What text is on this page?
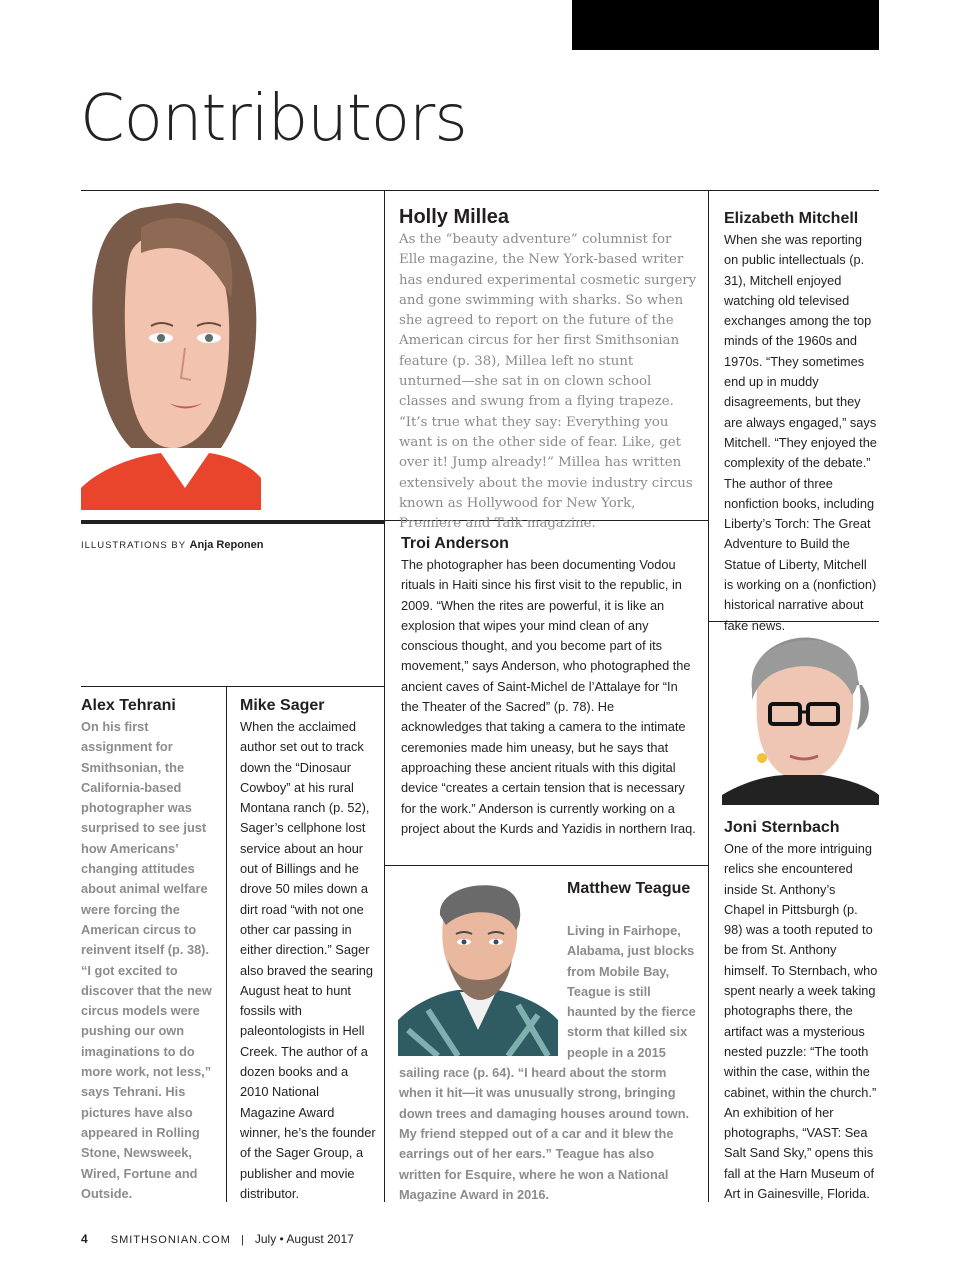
Contributors
ILLUSTRATIONS BY Anja Reponen
Holly Millea
As the “beauty adventure” columnist for Elle magazine, the New York-based writer has endured experimental cosmetic surgery and gone swimming with sharks. So when she agreed to report on the future of the American circus for her first Smithsonian feature (p. 38), Millea left no stunt unturned—she sat in on clown school classes and swung from a flying trapeze. “It’s true what they say: Everything you want is on the other side of fear. Like, get over it! Jump already!” Millea has written extensively about the movie industry circus known as Hollywood for New York, Premiere and Talk magazine.
Elizabeth Mitchell
When she was reporting on public intellectuals (p. 31), Mitchell enjoyed watching old televised exchanges among the top minds of the 1960s and 1970s. “They sometimes end up in muddy disagreements, but they are always engaged,” says Mitchell. “They enjoyed the complexity of the debate.” The author of three nonfiction books, including Liberty’s Torch: The Great Adventure to Build the Statue of Liberty, Mitchell is working on a (nonfiction) historical narrative about fake news.
Troi Anderson
The photographer has been documenting Vodou rituals in Haiti since his first visit to the republic, in 2009. “When the rites are powerful, it is like an explosion that wipes your mind clean of any conscious thought, and you become part of its movement,” says Anderson, who photographed the ancient caves of Saint-Michel de l’Attalaye for “In the Theater of the Sacred” (p. 78). He acknowledges that taking a camera to the intimate ceremonies made him uneasy, but he says that approaching these ancient rituals with this digital device “creates a certain tension that is necessary for the work.” Anderson is currently working on a project about the Kurds and Yazidis in northern Iraq.
Alex Tehrani
On his first assignment for Smithsonian, the California-based photographer was surprised to see just how Americans’ changing attitudes about animal welfare were forcing the American circus to reinvent itself (p. 38). “I got excited to discover that the new circus models were pushing our own imaginations to do more work, not less,” says Tehrani. His pictures have also appeared in Rolling Stone, Newsweek, Wired, Fortune and Outside.
Mike Sager
When the acclaimed author set out to track down the “Dinosaur Cowboy” at his rural Montana ranch (p. 52), Sager’s cellphone lost service about an hour out of Billings and he drove 50 miles down a dirt road “with not one other car passing in either direction.” Sager also braved the searing August heat to hunt fossils with paleontologists in Hell Creek. The author of a dozen books and a 2010 National Magazine Award winner, he’s the founder of the Sager Group, a publisher and movie distributor.
Matthew Teague
Living in Fairhope, Alabama, just blocks from Mobile Bay, Teague is still haunted by the fierce storm that killed six people in a 2015 sailing race (p. 64). “I heard about the storm when it hit—it was unusually strong, bringing down trees and damaging houses around town. My friend stepped out of a car and it blew the earrings out of her ears.” Teague has also written for Esquire, where he won a National Magazine Award in 2016.
Joni Sternbach
One of the more intriguing relics she encountered inside St. Anthony’s Chapel in Pittsburgh (p. 98) was a tooth reputed to be from St. Anthony himself. To Sternbach, who spent nearly a week taking photographs there, the artifact was a mysterious nested puzzle: “The tooth within the case, within the cabinet, within the church.” An exhibition of her photographs, “VAST: Sea Salt Sand Sky,” opens this fall at the Harn Museum of Art in Gainesville, Florida.
4 SMITHSONIAN.COM | July • August 2017
